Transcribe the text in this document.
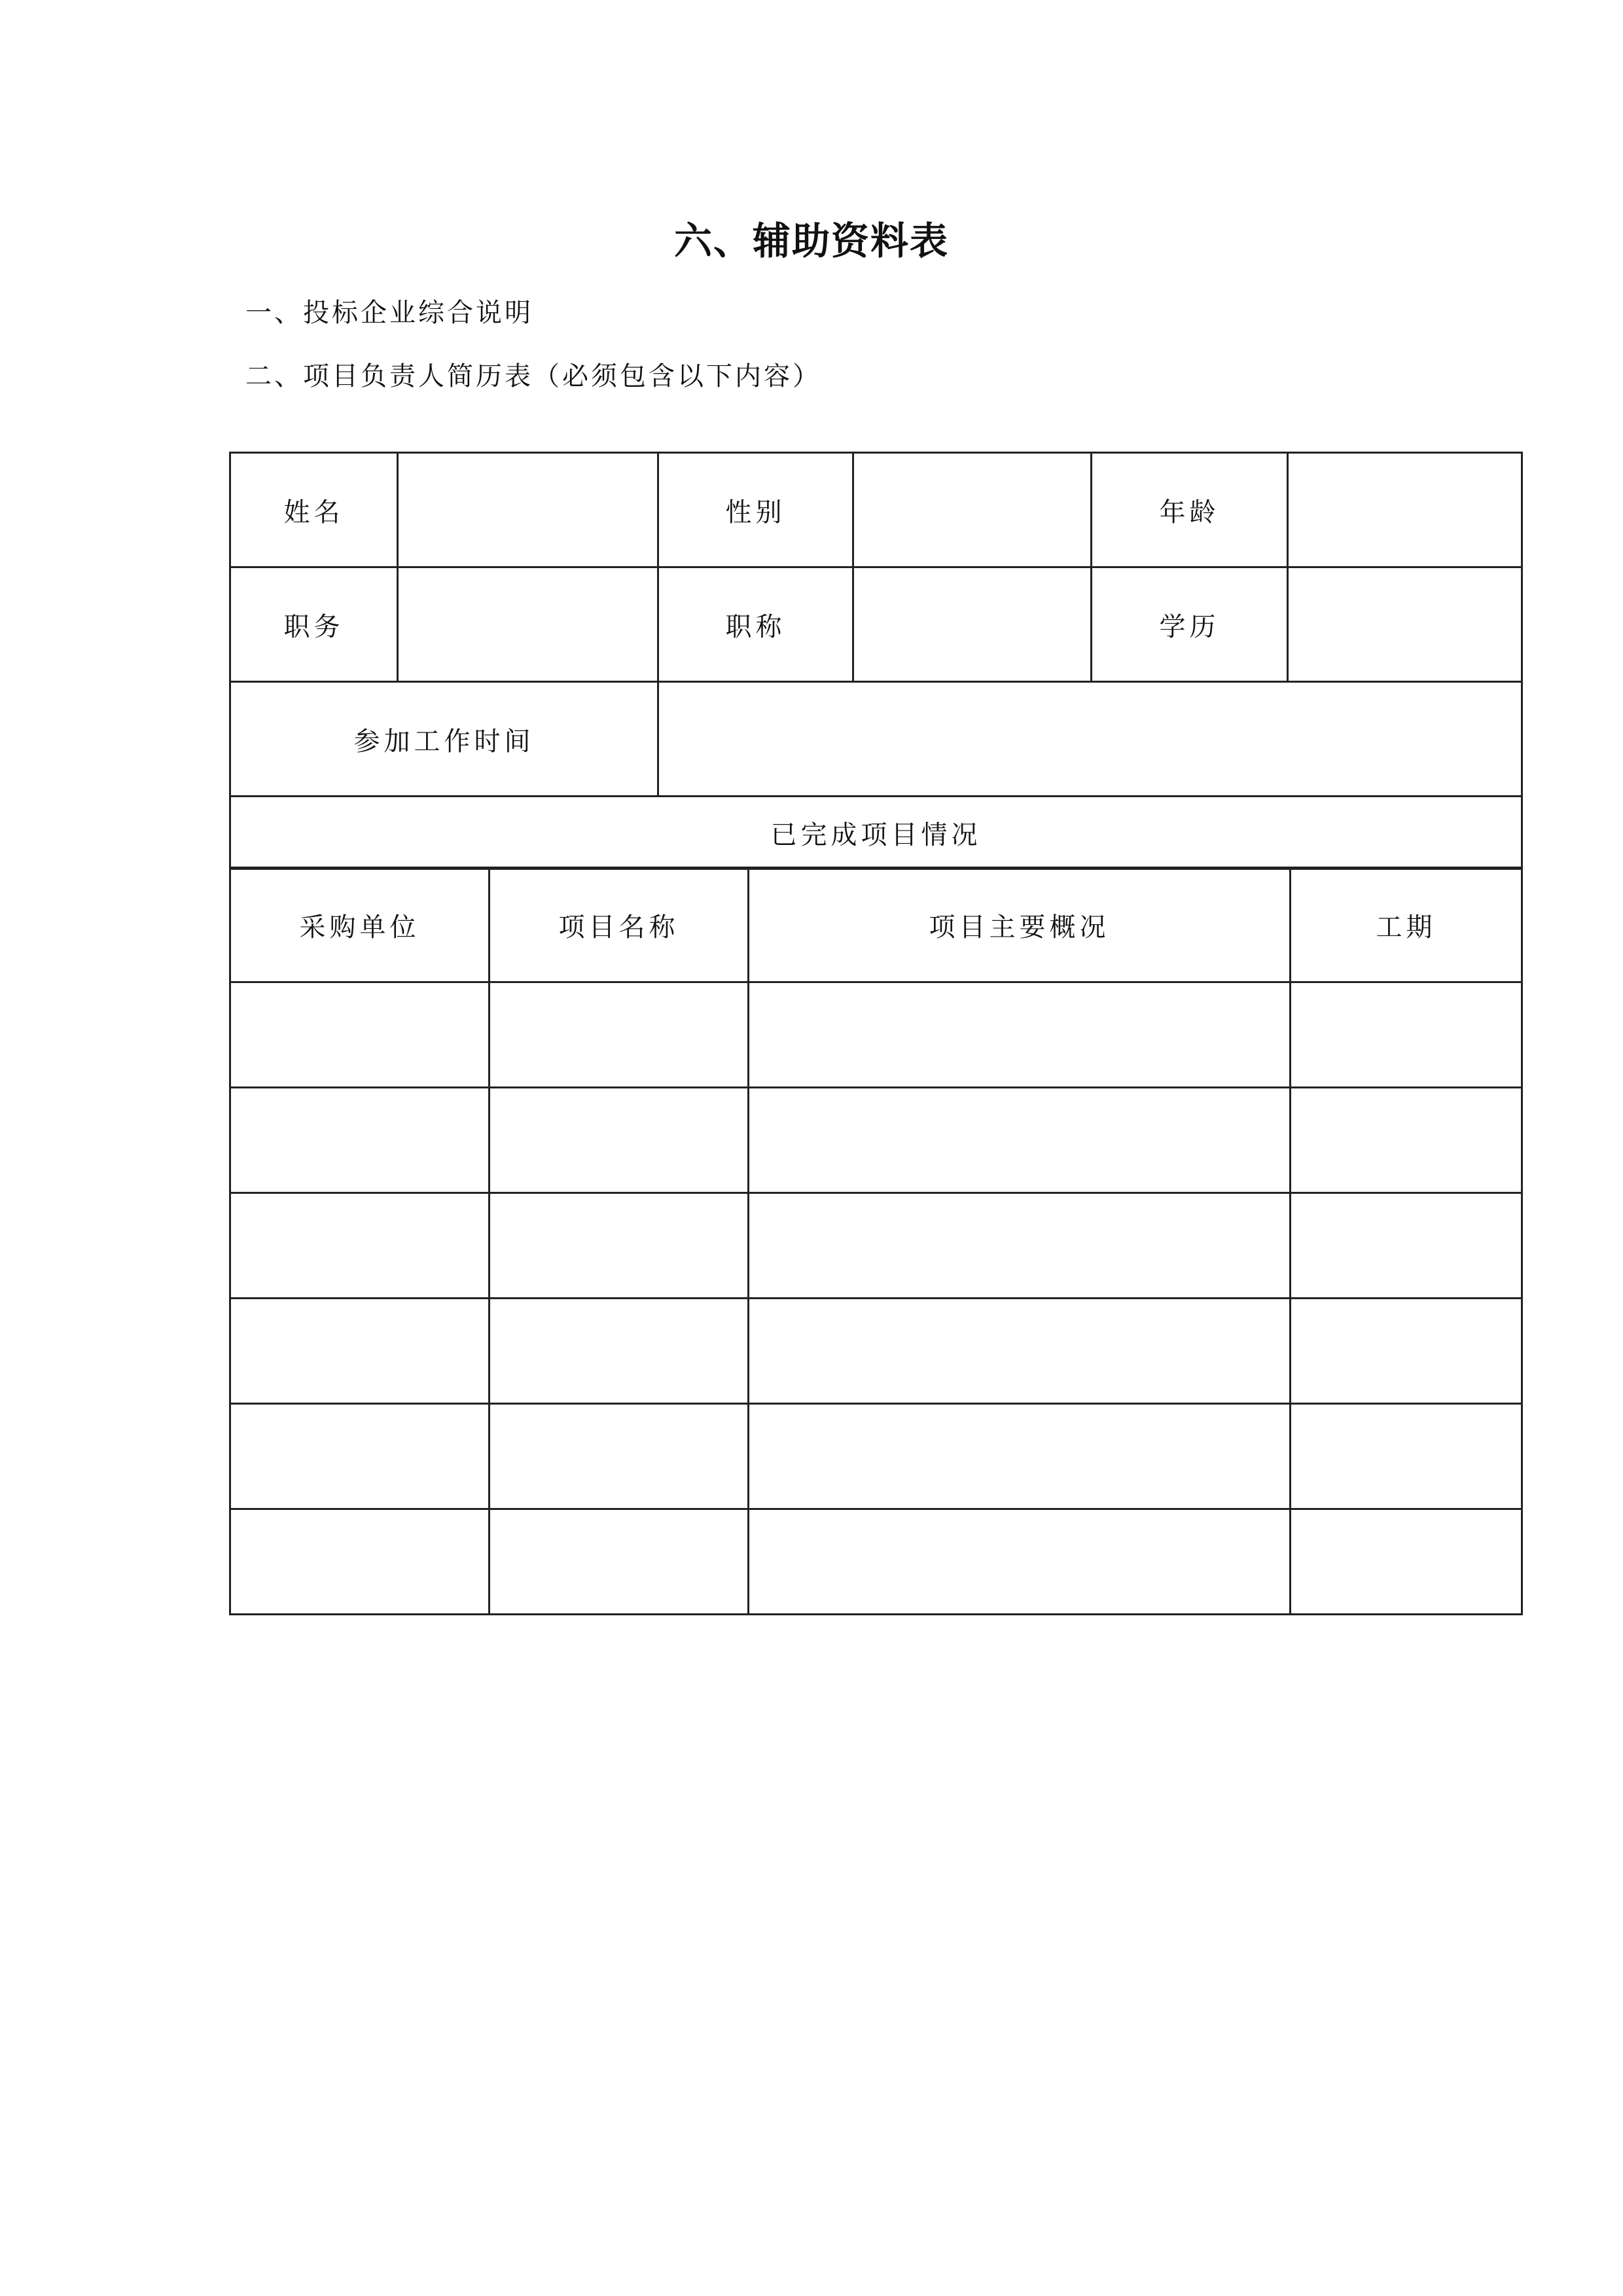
六、辅助资料表
一、投标企业综合说明
二、项目负责人简历表（必须包含以下内容）
姓名		性别		年龄	
职务		职称		学历	
参加工作时间					
已完成项目情况					
采购单位	项目名称	项目主要概况	工期
